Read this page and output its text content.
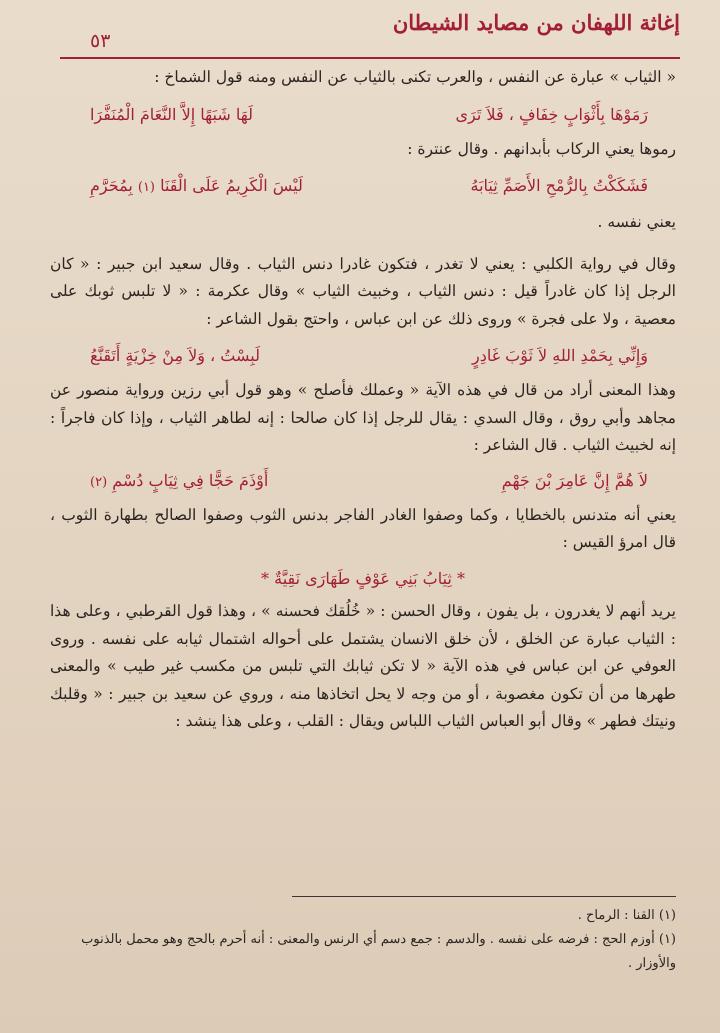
إغاثة اللهفان من مصايد الشيطان
٥٣

« الثياب » عبارة عن النفس ، والعرب تكنى بالثياب عن النفس ومنه قول الشماخ :

رَمَوْهَا بِأَثْوَابٍ خِفَافٍ ، فَلاَ تَرَى
لَهَا شَبَهًا إِلاَّ النَّعَامَ الْمُنَفَّرَا

رموها يعني الركاب بأبدانهم . وقال عنترة :

فَشَكَكْتُ بِالرُّمْحِ الأَصَمِّ ثِيَابَهُ
لَيْسَ الْكَرِيمُ عَلَى الْقَنَا (١) بِمُحَرَّمِ

يعني نفسه .

وقال في رواية الكلبي : يعني لا تغدر ، فتكون غادرا دنس الثياب . وقال سعيد ابن جبير : « كان الرجل إذا كان غادراً قيل : دنس الثياب ، وخبيث الثياب » وقال عكرمة : « لا تلبس ثوبك على معصية ، ولا على فجرة » وروى ذلك عن ابن عباس ، واحتج بقول الشاعر :

وَإِنِّي بِحَمْدِ اللهِ لاَ ثَوْبَ غَادِرٍ
لَبِسْتُ ، وَلاَ مِنْ خِزْيَةٍ أَتَقَنَّعُ

وهذا المعنى أراد من قال في هذه الآية « وعملك فأصلح » وهو قول أبي رزين ورواية منصور عن مجاهد وأبي روق ، وقال السدي : يقال للرجل إذا كان صالحا : إنه لطاهر الثياب ، وإذا كان فاجراً : إنه لخبيث الثياب . قال الشاعر :

لاَ هُمَّ إِنَّ عَامِرَ بْنَ جَهْمِ
أَوْذَمَ حَجًّا فِي ثِيَابٍ دُسْمِ (٢)

يعني أنه متدنس بالخطايا ، وكما وصفوا الغادر الفاجر بدنس الثوب وصفوا الصالح بطهارة الثوب ، قال امرؤ القيس :

* ثِيَابُ بَنِي عَوْفٍ طَهَارَى نَقِيَّةٌ *

يريد أنهم لا يغدرون ، بل يفون ، وقال الحسن : « خُلُقك فحسنه » ، وهذا قول القرطبي ، وعلى هذا : الثياب عبارة عن الخلق ، لأن خلق الانسان يشتمل على أحواله اشتمال ثيابه على نفسه . وروى العوفي عن ابن عباس في هذه الآية « لا تكن ثيابك التي تلبس من مكسب غير طيب » والمعنى طهرها من أن تكون مغصوبة ، أو من وجه لا يحل اتخاذها منه ، وروي عن سعيد بن جبير : « وقلبك ونيتك فطهر » وقال أبو العباس الثياب اللباس ويقال : القلب ، وعلى هذا ينشد :

(١) القنا : الرماح .

(١) أوزم الحج : فرضه على نفسه . والدسم : جمع دسم أي الرنس والمعنى : أنه أحرم بالحج وهو محمل بالذنوب والأوزار .
